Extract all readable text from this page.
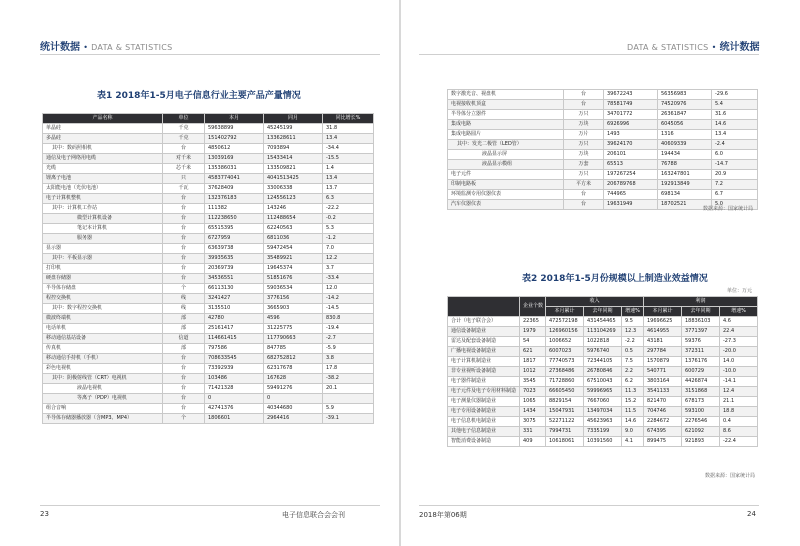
统计数据 • DATA & STATISTICS
表1 2018年1-5月电子信息行业主要产品产量情况
产品名称	单位	本月	同月	同比增长%
单晶硅	千克	59638899	45245199	31.8
多晶硅	千克	151402792	133628611	13.4
其中：数码照相机	台	4850612	7093894	-34.4
通信及电子网络用电缆	对千米	13039169	15433414	-15.5
光缆	芯千米	135386031	133509821	1.4
锂离子电池	只	4583774041	4041513425	13.4
太阳能电池（光伏电池）	千瓦	37628409	33006338	13.7
电子计算机整机	台	132376183	124556123	6.3
其中：计算机工作站	台	111382	143246	-22.2
微型计算机设备	台	112238650	112488654	-0.2
笔记本计算机	台	65515395	62240563	5.3
服务器	台	6727959	6811036	-1.2
显示器	台	63639738	59472454	7.0
其中：平板显示器	台	39935635	35489921	12.2
打印机	台	20369739	19645374	3.7
硬盘存储器	台	34536551	51851676	-33.4
半导体存储盘	个	66113130	59036534	12.0
程控交换机	线	3241427	3776156	-14.2
其中：数字程控交换机	线	3135510	3665903	-14.5
微波终端机	部	42780	4596	830.8
电话单机	部	25161417	31225775	-19.4
移动通信基站设备	信道	114661415	117790663	-2.7
传真机	部	797586	847785	-5.9
移动通信手持机（手机）	台	708633545	682752812	3.8
彩色电视机	台	73392939	62317678	17.8
其中：阴极射线管（CRT）电视机	台	103486	167628	-38.2
液晶电视机	台	71421328	59491276	20.1
等离子（PDP）电视机	台	0	0	
组合音响	台	42741376	40344680	5.9
半导体存储器播放器（含MP3、MP4）	个	1806601	2964416	-39.1
23	电子信息联合会会刊
DATA & STATISTICS • 统计数据
数字激光音、视盘机	台	39672243	56356983	-29.6
电视接收机顶盒	台	78581749	74520976	5.4
半导体分立器件	万只	34701772	26361847	31.6
集成电路	万块	6926996	6045056	14.6
集成电路圆片	万片	1493	1316	13.4
其中：发光二极管（LED管）	万只	39624170	40609339	-2.4
液晶显示屏	万块	206101	194434	6.0
液晶显示模组	万套	65513	76788	-14.7
电子元件	万只	197267254	163247801	20.9
印制电路板	平方米	206789768	192913849	7.2
环境监测专用仪器仪表	台	744965	698134	6.7
汽车仪器仪表	台	19631949	18702521	5.0
数据来源：国家统计局
表2 2018年1-5月份规模以上制造业效益情况
单位：万元
	企业个数	收入			利润		
		本月累计	去年同期	增速%	本月累计	去年同期	增速%
合计（电子联合会）	22365	472572198	431454465	9.5	19696625	18836103	4.6
通信设备制造业	1979	126960156	113104269	12.3	4614955	3771397	22.4
雷达及配套设备制造	54	1006652	1022818	-2.2	43181	59376	-27.3
广播电视设备制造业	621	6007023	5976740	0.5	297784	372311	-20.0
电子计算机制造业	1817	77740573	72344105	7.5	1570879	1376176	14.0
非专业视听设备制造	1012	27368486	26780846	2.2	540771	600729	-10.0
电子器件制造业	3545	71728860	67510043	6.2	3803164	4426874	-14.1
电子元件及电子专用材料制造	7023	66605450	59996965	11.3	3541133	3151868	12.4
电子测量仪器制造业	1065	8829154	7667060	15.2	821470	678173	21.1
电子专用设备制造业	1434	15047931	13497034	11.5	704746	593100	18.8
电子信息机电制造业	3075	52271122	45623963	14.6	2284672	2276546	0.4
其他电子信息制造业	331	7994731	7335199	9.0	674395	621092	8.6
智能消费设备制造	409	10618061	10391560	4.1	899475	921893	-22.4
数据来源：国家统计局
2018年第06期	24
